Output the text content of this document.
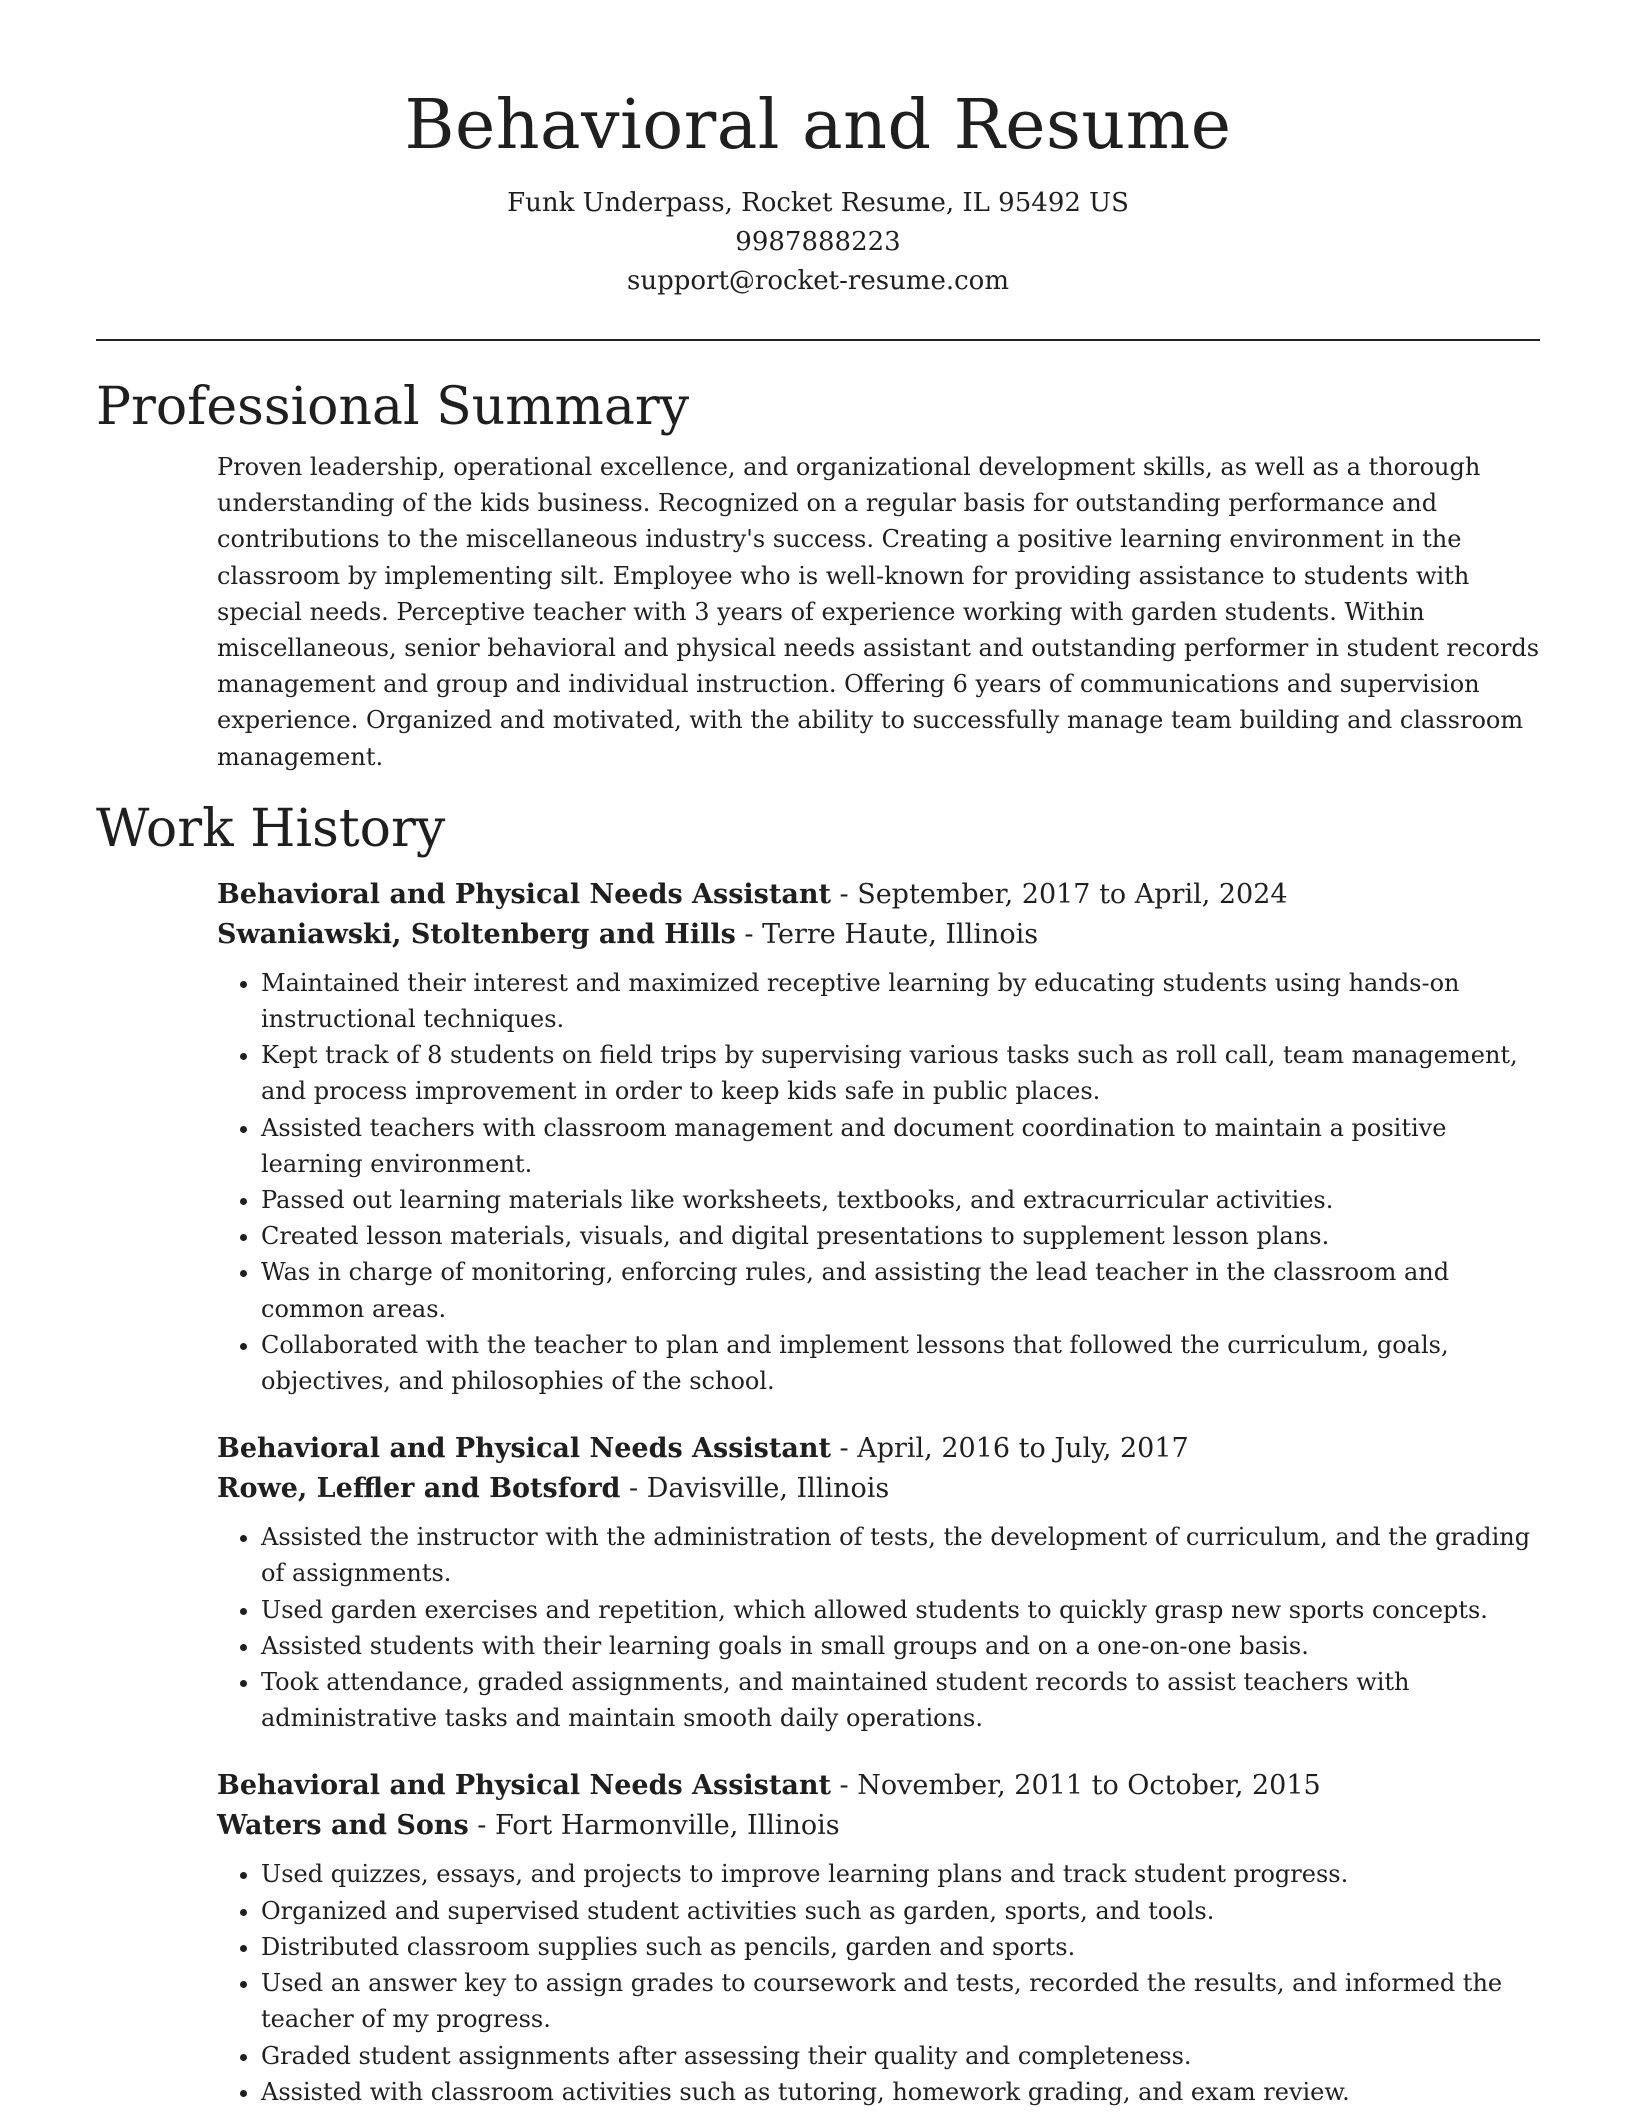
Behavioral and Resume
Funk Underpass, Rocket Resume, IL 95492 US
9987888223
support@rocket-resume.com
Professional Summary

Proven leadership, operational excellence, and organizational development skills, as well as a thorough understanding of the kids business. Recognized on a regular basis for outstanding performance and contributions to the miscellaneous industry's success. Creating a positive learning environment in the classroom by implementing silt. Employee who is well-known for providing assistance to students with special needs. Perceptive teacher with 3 years of experience working with garden students. Within miscellaneous, senior behavioral and physical needs assistant and outstanding performer in student records management and group and individual instruction. Offering 6 years of communications and supervision experience. Organized and motivated, with the ability to successfully manage team building and classroom management.

Work History
Behavioral and Physical Needs Assistant - September, 2017 to April, 2024
Swaniawski, Stoltenberg and Hills - Terre Haute, Illinois
• Maintained their interest and maximized receptive learning by educating students using hands-on instructional techniques.
• Kept track of 8 students on field trips by supervising various tasks such as roll call, team management, and process improvement in order to keep kids safe in public places.
• Assisted teachers with classroom management and document coordination to maintain a positive learning environment.
• Passed out learning materials like worksheets, textbooks, and extracurricular activities.
• Created lesson materials, visuals, and digital presentations to supplement lesson plans.
• Was in charge of monitoring, enforcing rules, and assisting the lead teacher in the classroom and common areas.
• Collaborated with the teacher to plan and implement lessons that followed the curriculum, goals, objectives, and philosophies of the school.
Behavioral and Physical Needs Assistant - April, 2016 to July, 2017
Rowe, Leffler and Botsford - Davisville, Illinois
• Assisted the instructor with the administration of tests, the development of curriculum, and the grading of assignments.
• Used garden exercises and repetition, which allowed students to quickly grasp new sports concepts.
• Assisted students with their learning goals in small groups and on a one-on-one basis.
• Took attendance, graded assignments, and maintained student records to assist teachers with administrative tasks and maintain smooth daily operations.
Behavioral and Physical Needs Assistant - November, 2011 to October, 2015
Waters and Sons - Fort Harmonville, Illinois
• Used quizzes, essays, and projects to improve learning plans and track student progress.
• Organized and supervised student activities such as garden, sports, and tools.
• Distributed classroom supplies such as pencils, garden and sports.
• Used an answer key to assign grades to coursework and tests, recorded the results, and informed the teacher of my progress.
• Graded student assignments after assessing their quality and completeness.
• Assisted with classroom activities such as tutoring, homework grading, and exam review.
